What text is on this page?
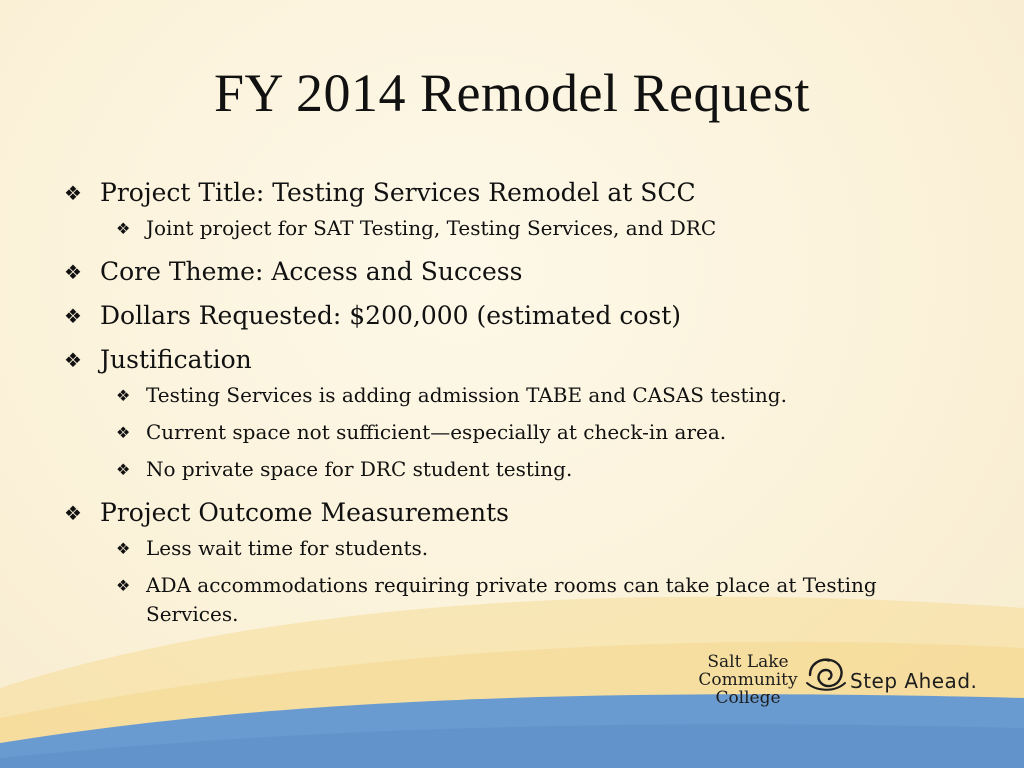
FY 2014 Remodel Request
❖ Project Title: Testing Services Remodel at SCC
❖ Joint project for SAT Testing, Testing Services, and DRC
❖ Core Theme: Access and Success
❖ Dollars Requested: $200,000 (estimated cost)
❖ Justification
❖ Testing Services is adding admission TABE and CASAS testing.
❖ Current space not sufficient—especially at check-in area.
❖ No private space for DRC student testing.
❖ Project Outcome Measurements
❖ Less wait time for students.
❖ ADA accommodations requiring private rooms can take place at Testing Services.
Salt Lake
Community
College
Step Ahead.
